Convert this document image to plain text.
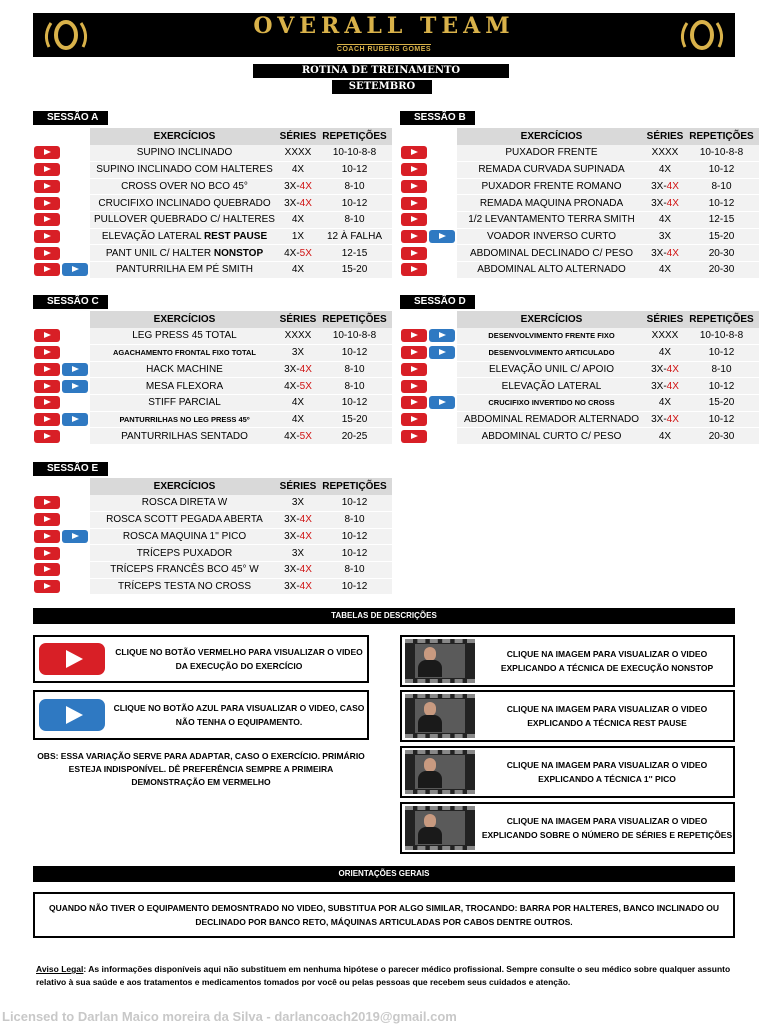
OVERALL TEAM
COACH RUBENS GOMES
ROTINA DE TREINAMENTO
SETEMBRO
SESSÃO A	SESSÃO B
SESSÃO C	SESSÃO D
SESSÃO E
	EXERCÍCIOS	SÉRIES	REPETIÇÕES
	SUPINO INCLINADO	XXXX	10-10-8-8
	SUPINO INCLINADO COM HALTERES	4X	10-12
	CROSS OVER NO BCO 45°	3X-4X	8-10
	CRUCIFIXO INCLINADO QUEBRADO	3X-4X	10-12
	PULLOVER QUEBRADO C/ HALTERES	4X	8-10
	ELEVAÇÃO LATERAL REST PAUSE	1X	12 À FALHA
	PANT UNIL C/ HALTER NONSTOP	4X-5X	12-15
	PANTURRILHA EM PÉ SMITH	4X	15-20
	EXERCÍCIOS	SÉRIES	REPETIÇÕES
	PUXADOR FRENTE	XXXX	10-10-8-8
	REMADA CURVADA SUPINADA	4X	10-12
	PUXADOR FRENTE ROMANO	3X-4X	8-10
	REMADA MAQUINA PRONADA	3X-4X	10-12
	1/2 LEVANTAMENTO TERRA SMITH	4X	12-15
	VOADOR INVERSO CURTO	3X	15-20
	ABDOMINAL DECLINADO C/ PESO	3X-4X	20-30
	ABDOMINAL ALTO ALTERNADO	4X	20-30
	EXERCÍCIOS	SÉRIES	REPETIÇÕES
	LEG PRESS 45 TOTAL	XXXX	10-10-8-8
	AGACHAMENTO FRONTAL FIXO TOTAL	3X	10-12
	HACK MACHINE	3X-4X	8-10
	MESA FLEXORA	4X-5X	8-10
	STIFF PARCIAL	4X	10-12
	PANTURRILHAS NO LEG PRESS 45º	4X	15-20
	PANTURRILHAS SENTADO	4X-5X	20-25
	EXERCÍCIOS	SÉRIES	REPETIÇÕES
	DESENVOLVIMENTO FRENTE FIXO	XXXX	10-10-8-8
	DESENVOLVIMENTO ARTICULADO	4X	10-12
	ELEVAÇÃO UNIL C/ APOIO	3X-4X	8-10
	ELEVAÇÃO LATERAL	3X-4X	10-12
	CRUCIFIXO INVERTIDO NO CROSS	4X	15-20
	ABDOMINAL REMADOR ALTERNADO	3X-4X	10-12
	ABDOMINAL CURTO C/ PESO	4X	20-30
	EXERCÍCIOS	SÉRIES	REPETIÇÕES
	ROSCA DIRETA W	3X	10-12
	ROSCA SCOTT PEGADA ABERTA	3X-4X	8-10
	ROSCA MAQUINA 1'' PICO	3X-4X	10-12
	TRÍCEPS PUXADOR	3X	10-12
	TRÍCEPS FRANCÊS BCO 45° W	3X-4X	8-10
	TRÍCEPS TESTA NO CROSS	3X-4X	10-12
TABELAS DE DESCRIÇÕES
CLIQUE NO BOTÃO VERMELHO PARA VISUALIZAR O VIDEO DA EXECUÇÃO DO EXERCÍCIO
CLIQUE NO BOTÃO AZUL PARA VISUALIZAR O VIDEO, CASO NÃO TENHA O EQUIPAMENTO.
OBS: ESSA VARIAÇÃO SERVE PARA ADAPTAR, CASO O EXERCÍCIO. PRIMÁRIO ESTEJA INDISPONÍVEL. DÊ PREFERÊNCIA SEMPRE A PRIMEIRA DEMONSTRAÇÃO EM VERMELHO
CLIQUE NA IMAGEM PARA VISUALIZAR O VIDEO EXPLICANDO A TÉCNICA DE EXECUÇÃO NONSTOP
CLIQUE NA IMAGEM PARA VISUALIZAR O VIDEO EXPLICANDO A TÉCNICA REST PAUSE
CLIQUE NA IMAGEM PARA VISUALIZAR O VIDEO EXPLICANDO A TÉCNICA 1'' PICO
CLIQUE NA IMAGEM PARA VISUALIZAR O VIDEO EXPLICANDO SOBRE O NÚMERO DE SÉRIES E REPETIÇÕES
ORIENTAÇÕES GERAIS
QUANDO NÃO TIVER O EQUIPAMENTO DEMOSNTRADO NO VIDEO, SUBSTITUA POR ALGO SIMILAR, TROCANDO: BARRA POR HALTERES, BANCO INCLINADO OU DECLINADO POR BANCO RETO, MÁQUINAS ARTICULADAS POR CABOS DENTRE OUTROS.
Aviso Legal: As informações disponíveis aqui não substituem em nenhuma hipótese o parecer médico profissional. Sempre consulte o seu médico sobre qualquer assunto relativo à sua saúde e aos tratamentos e medicamentos tomados por você ou pelas pessoas que recebem seus cuidados e atenção.
Licensed to Darlan Maico moreira da Silva - darlancoach2019@gmail.com
